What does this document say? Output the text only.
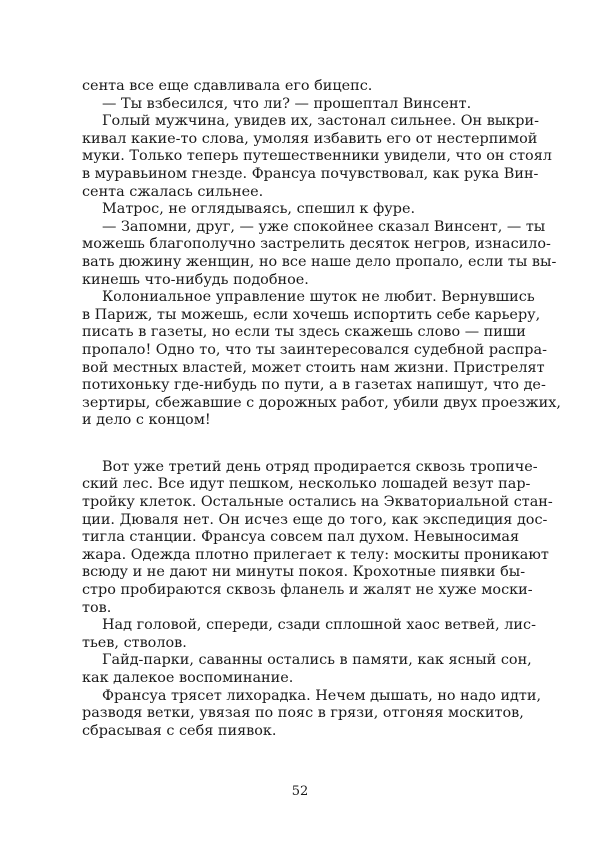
сента все еще сдавливала его бицепс.
— Ты взбесился, что ли? — прошептал Винсент.
Голый мужчина, увидев их, застонал сильнее. Он выкри-
кивал какие-то слова, умоляя избавить его от нестерпимой
муки. Только теперь путешественники увидели, что он стоял
в муравьином гнезде. Франсуа почувствовал, как рука Вин-
сента сжалась сильнее.
Матрос, не оглядываясь, спешил к фуре.
— Запомни, друг, — уже спокойнее сказал Винсент, — ты
можешь благополучно застрелить десяток негров, изнасило-
вать дюжину женщин, но все наше дело пропало, если ты вы-
кинешь что-нибудь подобное.
Колониальное управление шуток не любит. Вернувшись
в Париж, ты можешь, если хочешь испортить себе карьеру,
писать в газеты, но если ты здесь скажешь слово — пиши
пропало! Одно то, что ты заинтересовался судебной распра-
вой местных властей, может стоить нам жизни. Пристрелят
потихоньку где-нибудь по пути, а в газетах напишут, что де-
зертиры, сбежавшие с дорожных работ, убили двух проезжих,
и дело с концом!
Вот уже третий день отряд продирается сквозь тропиче-
ский лес. Все идут пешком, несколько лошадей везут пар-
тройку клеток. Остальные остались на Экваториальной стан-
ции. Дюваля нет. Он исчез еще до того, как экспедиция дос-
тигла станции. Франсуа совсем пал духом. Невыносимая
жара. Одежда плотно прилегает к телу: москиты проникают
всюду и не дают ни минуты покоя. Крохотные пиявки бы-
стро пробираются сквозь фланель и жалят не хуже моски-
тов.
Над головой, спереди, сзади сплошной хаос ветвей, лис-
тьев, стволов.
Гайд-парки, саванны остались в памяти, как ясный сон,
как далекое воспоминание.
Франсуа трясет лихорадка. Нечем дышать, но надо идти,
разводя ветки, увязая по пояс в грязи, отгоняя москитов,
сбрасывая с себя пиявок.
52
